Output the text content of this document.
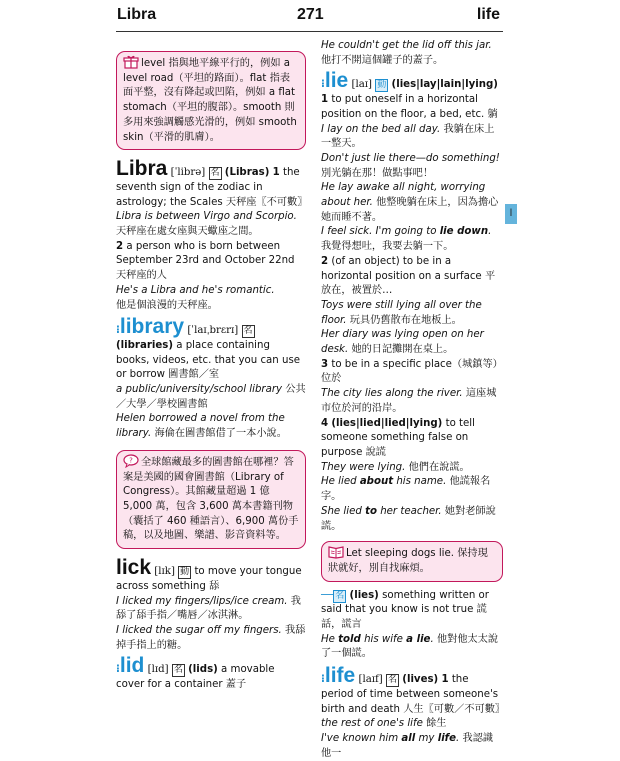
Libra	271	life
l
level 指與地平線平行的，例如 a level road（平坦的路面）。flat 指表面平整，沒有降起或凹陷，例如 a flat stomach（平坦的腹部）。smooth 則多用來強調觸感光滑的，例如 smooth skin（平滑的肌膚）。
Libra [ˈlibrə] 名 (Libras) 1 the seventh sign of the zodiac in astrology; the Scales 天秤座〖不可數〗

Libra is between Virgo and Scorpio.

天秤座在處女座與天蠍座之間。

2 a person who is born between September 23rd and October 22nd 天秤座的人

He's a Libra and he's romantic.

他是個浪漫的天秤座。

⁝library [ˈlaɪˌbrɛrɪ] 名 (libraries) a place containing books, videos, etc. that you can use or borrow 圖書館／室

a public/university/school library 公共／大學／學校圖書館

Helen borrowed a novel from the library. 海倫在圖書館借了一本小說。

? 全球館藏最多的圖書館在哪裡？答案是美國的國會圖書館（Library of Congress）。其館藏量超過 1 億 5,000 萬，包含 3,600 萬本書籍刊物（囊括了 460 種語言）、6,900 萬份手稿，以及地圖、樂譜、影音資料等。
lick [lɪk] 動 to move your tongue across something 舔

I licked my fingers/lips/ice cream. 我舔了舔手指／嘴唇／冰淇淋。

I licked the sugar off my fingers. 我舔掉手指上的糖。

⁝lid [lɪd] 名 (lids) a movable cover for a container 蓋子

He couldn't get the lid off this jar. 他打不開這個罐子的蓋子。

⁝lie [laɪ] 動 (lies|lay|lain|lying) 1 to put oneself in a horizontal position on the floor, a bed, etc. 躺

I lay on the bed all day. 我躺在床上一整天。

Don't just lie there—do something! 別光躺在那！做點事吧！

He lay awake all night, worrying about her. 他整晚躺在床上，因為擔心她而睡不著。

I feel sick. I'm going to lie down. 我覺得想吐，我要去躺一下。

2 (of an object) to be in a horizontal position on a surface 平放在，被置於…

Toys were still lying all over the floor. 玩具仍舊散布在地板上。

Her diary was lying open on her desk. 她的日記攤開在桌上。

3 to be in a specific place（城鎮等）位於

The city lies along the river. 這座城市位於河的沿岸。

4 (lies|lied|lied|lying) to tell someone something false on purpose 說謊

They were lying. 他們在說謊。

He lied about his name. 他謊報名字。

She lied to her teacher. 她對老師說謊。

Let sleeping dogs lie. 保持現狀就好，別自找麻煩。
── 名 (lies) something written or said that you know is not true 謊話，謊言

He told his wife a lie. 他對他太太說了一個謊。

⁝life [laɪf] 名 (lives) 1 the period of time between someone's birth and death 人生〖可數／不可數〗

the rest of one's life 餘生

I've known him all my life. 我認識他一
